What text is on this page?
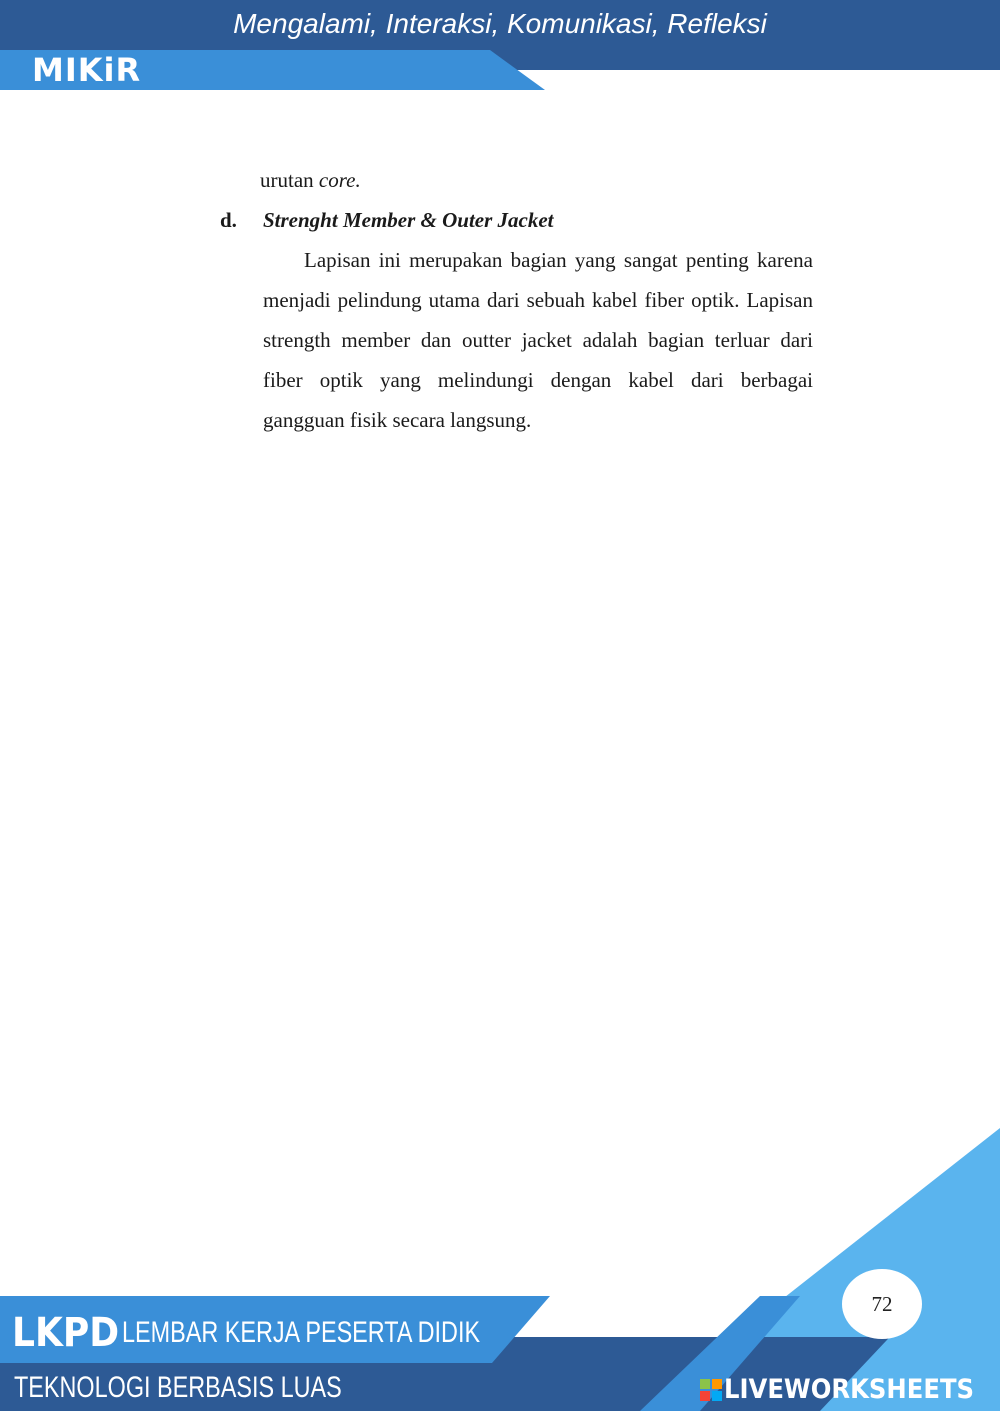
Mengalami, Interaksi, Komunikasi, Refleksi
MIKiR
urutan core.
d. Strenght Member & Outer Jacket

Lapisan ini merupakan bagian yang sangat penting karena menjadi pelindung utama dari sebuah kabel fiber optik. Lapisan strength member dan outter jacket adalah bagian terluar dari fiber optik yang melindungi dengan kabel dari berbagai gangguan fisik secara langsung.

72
LKPD LEMBAR KERJA PESERTA DIDIK
TEKNOLOGI BERBASIS LUAS	LIVEWORKSHEETS
